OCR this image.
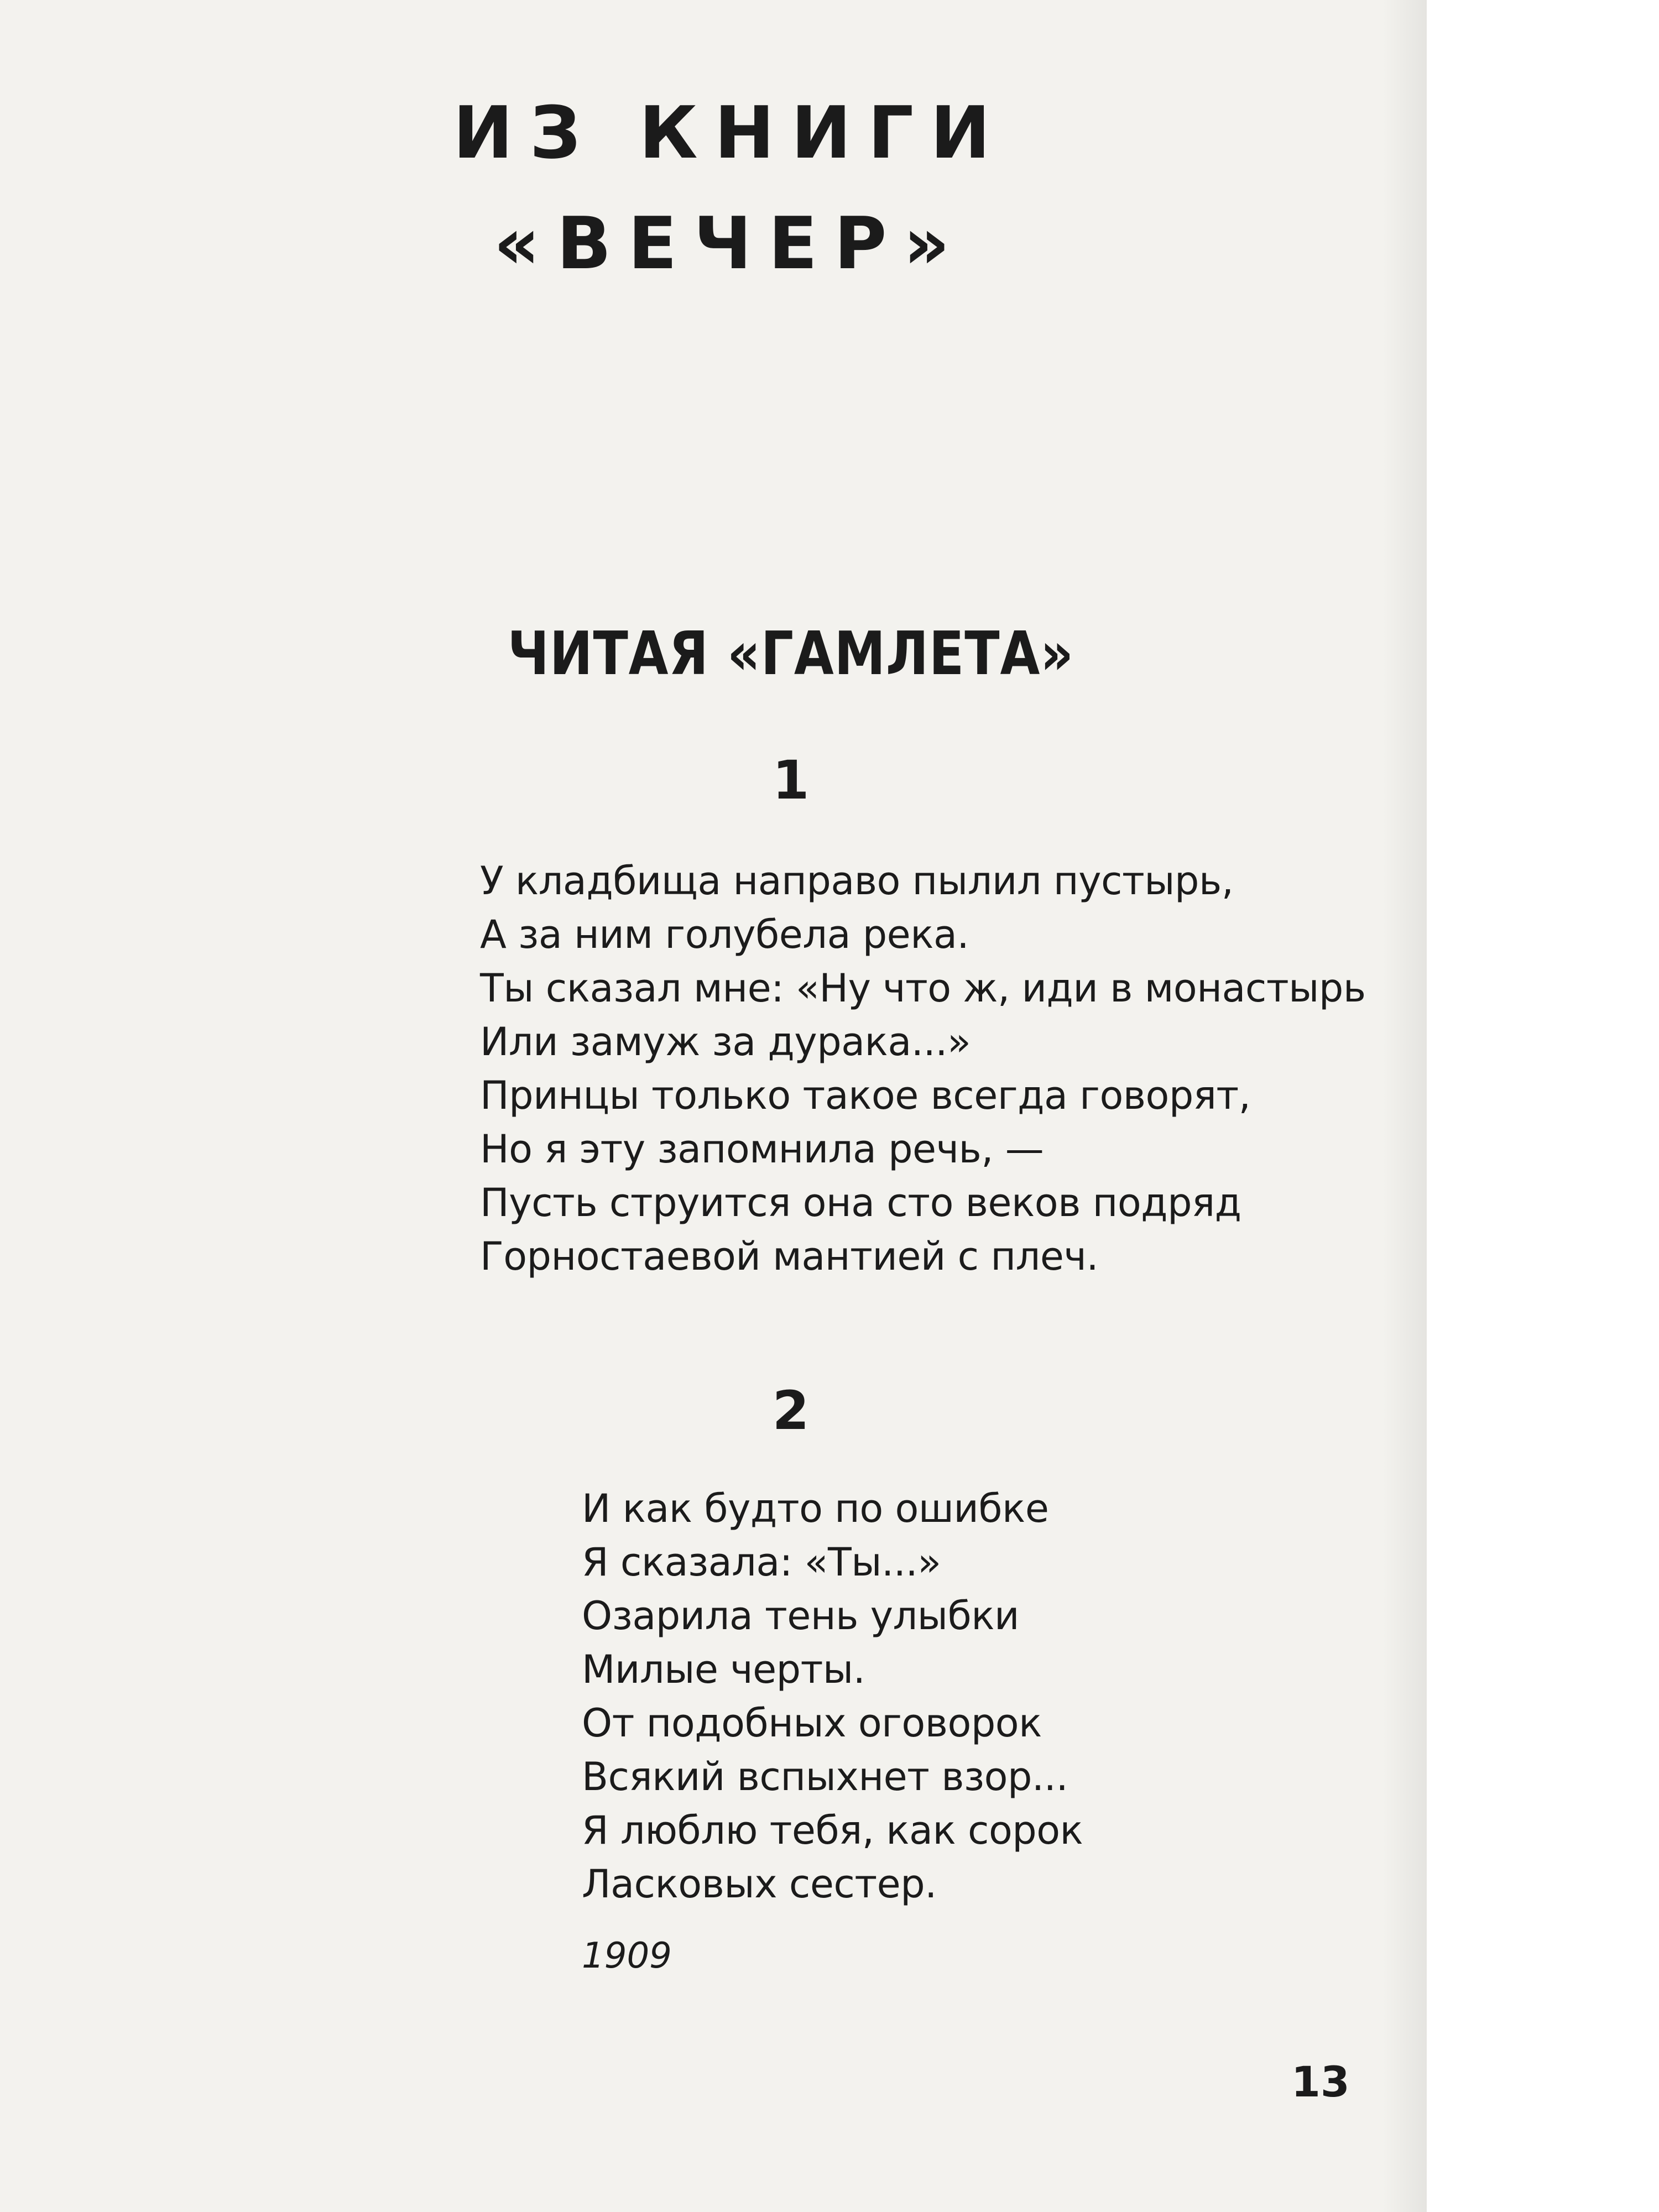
ИЗ КНИГИ
«ВЕЧЕР»
ЧИТАЯ «ГАМЛЕТА»

1

У кладбища направо пылил пустырь,
А за ним голубела река.
Ты сказал мне: «Ну что ж, иди в монастырь
Или замуж за дурака...»
Принцы только такое всегда говорят,
Но я эту запомнила речь, —
Пусть струится она сто веков подряд
Горностаевой мантией с плеч.

2

И как будто по ошибке
Я сказала: «Ты...»
Озарила тень улыбки
Милые черты.
От подобных оговорок
Всякий вспыхнет взор...
Я люблю тебя, как сорок
Ласковых сестер.

1909

13
